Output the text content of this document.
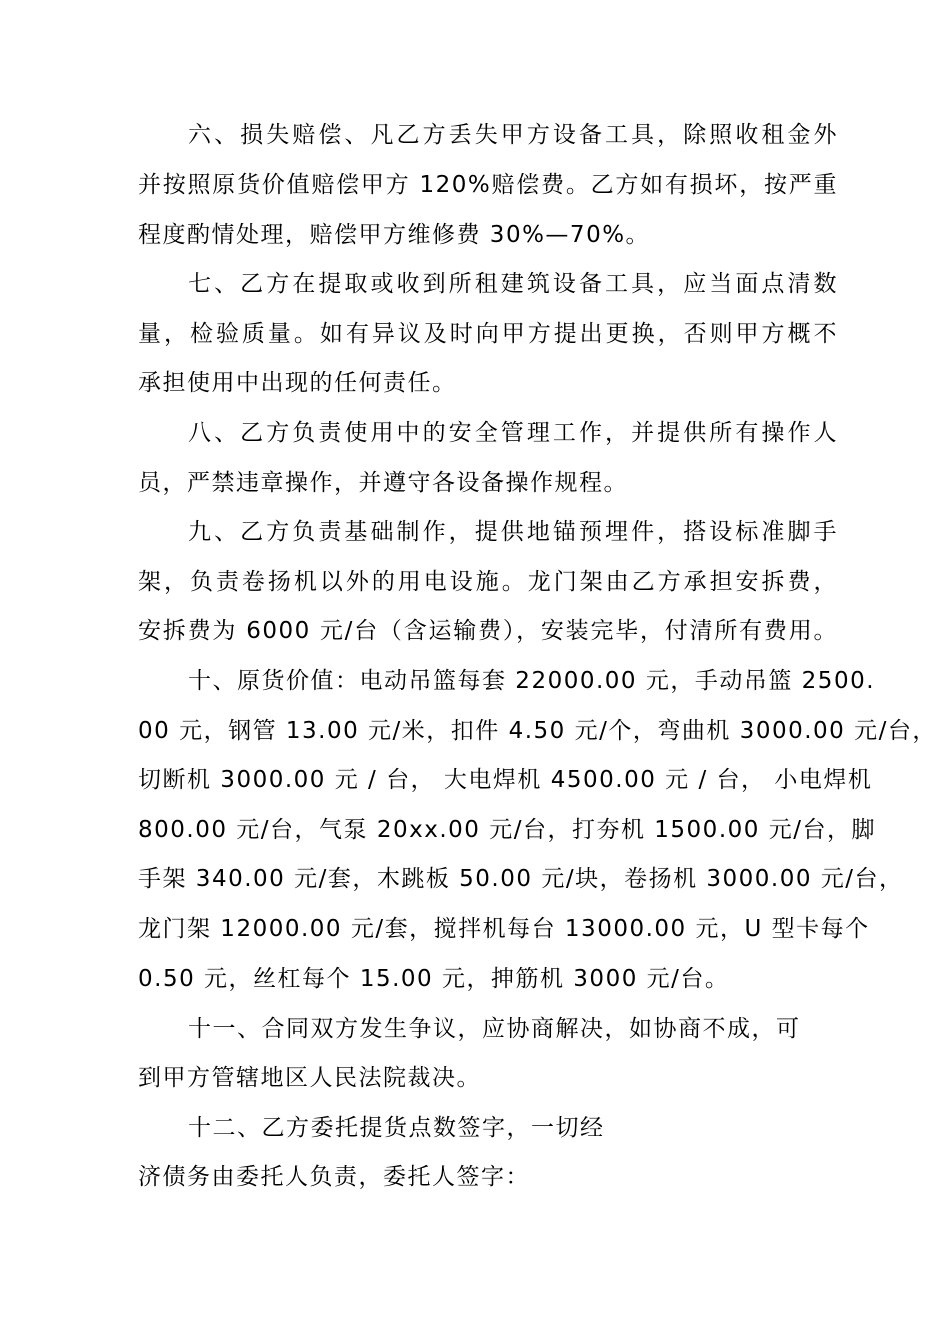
六、损失赔偿、凡乙方丢失甲方设备工具，除照收租金外
并按照原货价值赔偿甲方 120%赔偿费。乙方如有损坏，按严重
程度酌情处理，赔偿甲方维修费 30%—70%。
七、乙方在提取或收到所租建筑设备工具，应当面点清数
量，检验质量。如有异议及时向甲方提出更换，否则甲方概不
承担使用中出现的任何责任。
八、乙方负责使用中的安全管理工作，并提供所有操作人
员，严禁违章操作，并遵守各设备操作规程。
九、乙方负责基础制作，提供地锚预埋件，搭设标准脚手
架，负责卷扬机以外的用电设施。龙门架由乙方承担安拆费，
安拆费为 6000 元/台（含运输费），安装完毕，付清所有费用。
十、原货价值：电动吊篮每套 22000.00 元，手动吊篮 2500.
00 元，钢管 13.00 元/米，扣件 4.50 元/个，弯曲机 3000.00 元/台，
切断机 3000.00 元 / 台， 大电焊机 4500.00 元 / 台， 小电焊机
800.00 元/台，气泵 20xx.00 元/台，打夯机 1500.00 元/台，脚
手架 340.00 元/套，木跳板 50.00 元/块，卷扬机 3000.00 元/台，
龙门架 12000.00 元/套，搅拌机每台 13000.00 元，U 型卡每个
0.50 元，丝杠每个 15.00 元，抻筋机 3000 元/台。
十一、合同双方发生争议，应协商解决，如协商不成，可
到甲方管辖地区人民法院裁决。
十二、乙方委托提货点数签字，一切经
济债务由委托人负责，委托人签字：
